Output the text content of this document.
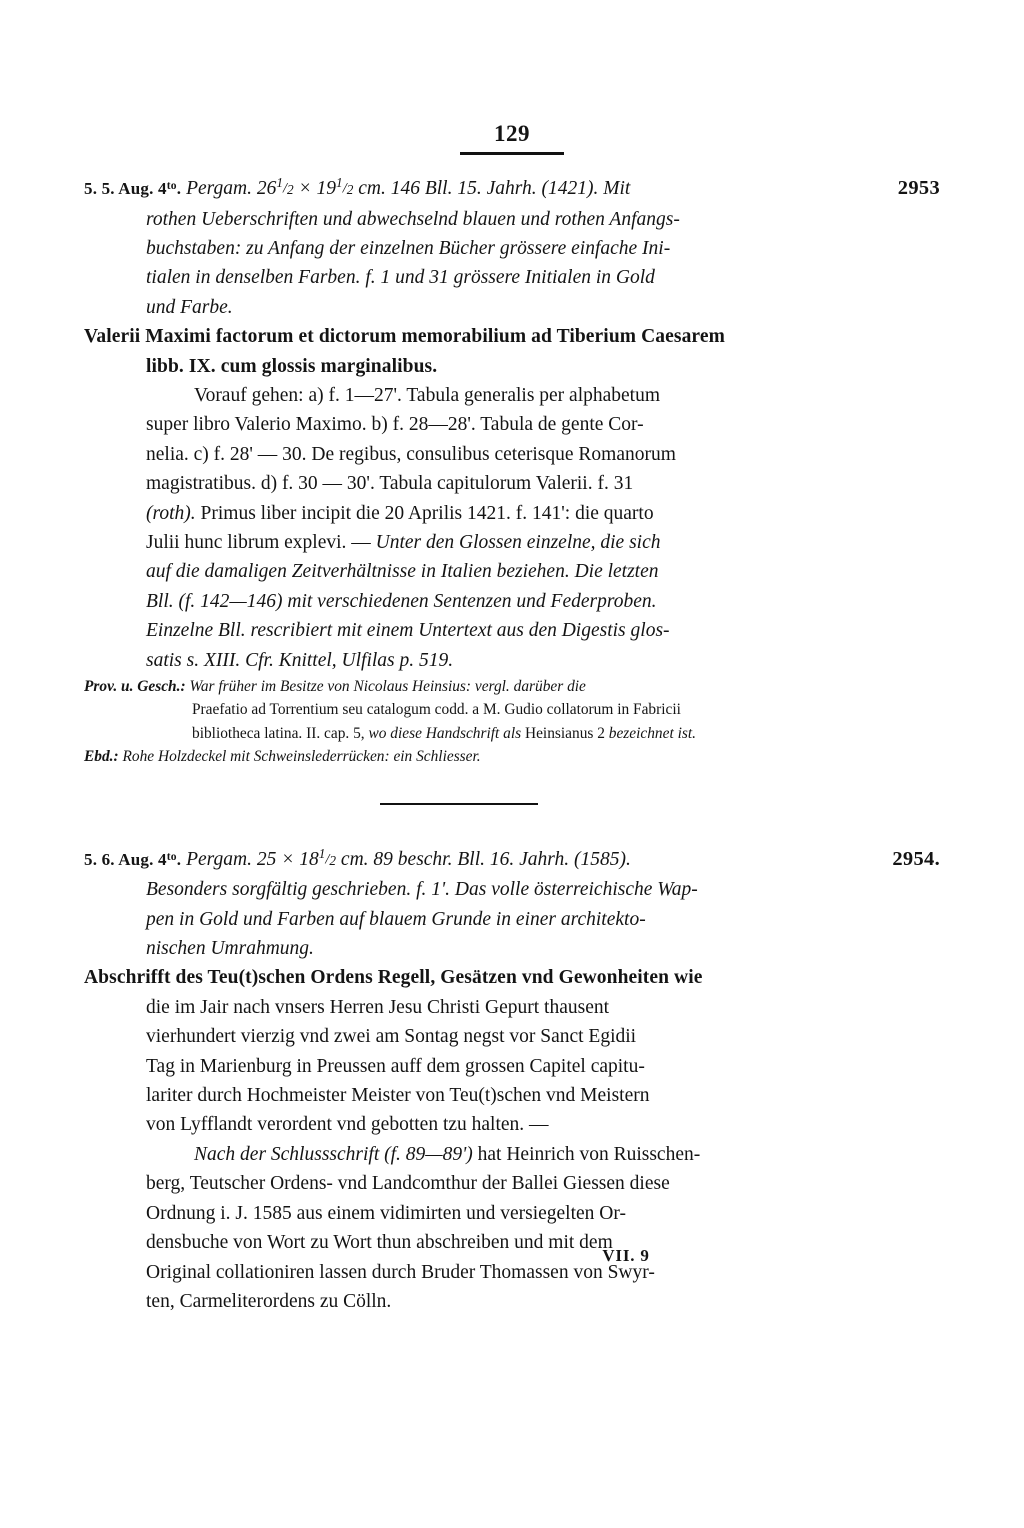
129
5. 5. Aug. $4^{to}$. Pergam. 261/2 × 191/2 cm. 146 Bll. 15. Jahrh. (1421). Mit	2953
rothen Ueberschriften und abwechselnd blauen und rothen Anfangs-
buchstaben: zu Anfang der einzelnen Bücher grössere einfache Ini-
tialen in denselben Farben. f. 1 und 31 grössere Initialen in Gold
und Farbe.
Valerii Maximi factorum et dictorum memorabilium ad Tiberium Caesarem
libb. IX. cum glossis marginalibus.
Vorauf gehen: a) f. 1—27'. Tabula generalis per alphabetum
super libro Valerio Maximo. b) f. 28—28'. Tabula de gente Cor-
nelia. c) f. 28' — 30. De regibus, consulibus ceterisque Romanorum
magistratibus. d) f. 30 — 30'. Tabula capitulorum Valerii. f. 31
(roth). Primus liber incipit die 20 Aprilis 1421. f. 141': die quarto
Julii hunc librum explevi. — Unter den Glossen einzelne, die sich
auf die damaligen Zeitverhältnisse in Italien beziehen. Die letzten
Bll. (f. 142—146) mit verschiedenen Sentenzen und Federproben.
Einzelne Bll. rescribiert mit einem Untertext aus den Digestis glos-
satis s. XIII. Cfr. Knittel, Ulfilas p. 519.
Prov. u. Gesch.: War früher im Besitze von Nicolaus Heinsius: vergl. darüber die
Praefatio ad Torrentium seu catalogum codd. a M. Gudio collatorum in Fabricii
bibliotheca latina. II. cap. 5, wo diese Handschrift als Heinsianus 2 bezeichnet ist.
Ebd.: Rohe Holzdeckel mit Schweinslederrücken: ein Schliesser.
5. 6. Aug. $4^{to}$. Pergam. 25 × 181/2 cm. 89 beschr. Bll. 16. Jahrh. (1585).	2954.
Besonders sorgfältig geschrieben. f. 1'. Das volle österreichische Wap-
pen in Gold und Farben auf blauem Grunde in einer architekto-
nischen Umrahmung.
Abschrifft des Teu(t)schen Ordens Regell, Gesätzen vnd Gewonheiten wie
die im Jair nach vnsers Herren Jesu Christi Gepurt thausent
vierhundert vierzig vnd zwei am Sontag negst vor Sanct Egidii
Tag in Marienburg in Preussen auff dem grossen Capitel capitu-
lariter durch Hochmeister Meister von Teu(t)schen vnd Meistern
von Lyfflandt verordent vnd gebotten tzu halten. —
Nach der Schlussschrift (f. 89—89') hat Heinrich von Ruisschen-
berg, Teutscher Ordens- vnd Landcomthur der Ballei Giessen diese
Ordnung i. J. 1585 aus einem vidimirten und versiegelten Or-
densbuche von Wort zu Wort thun abschreiben und mit dem
Original collationiren lassen durch Bruder Thomassen von Swyr-
ten, Carmeliterordens zu Cölln.
VII. 9
